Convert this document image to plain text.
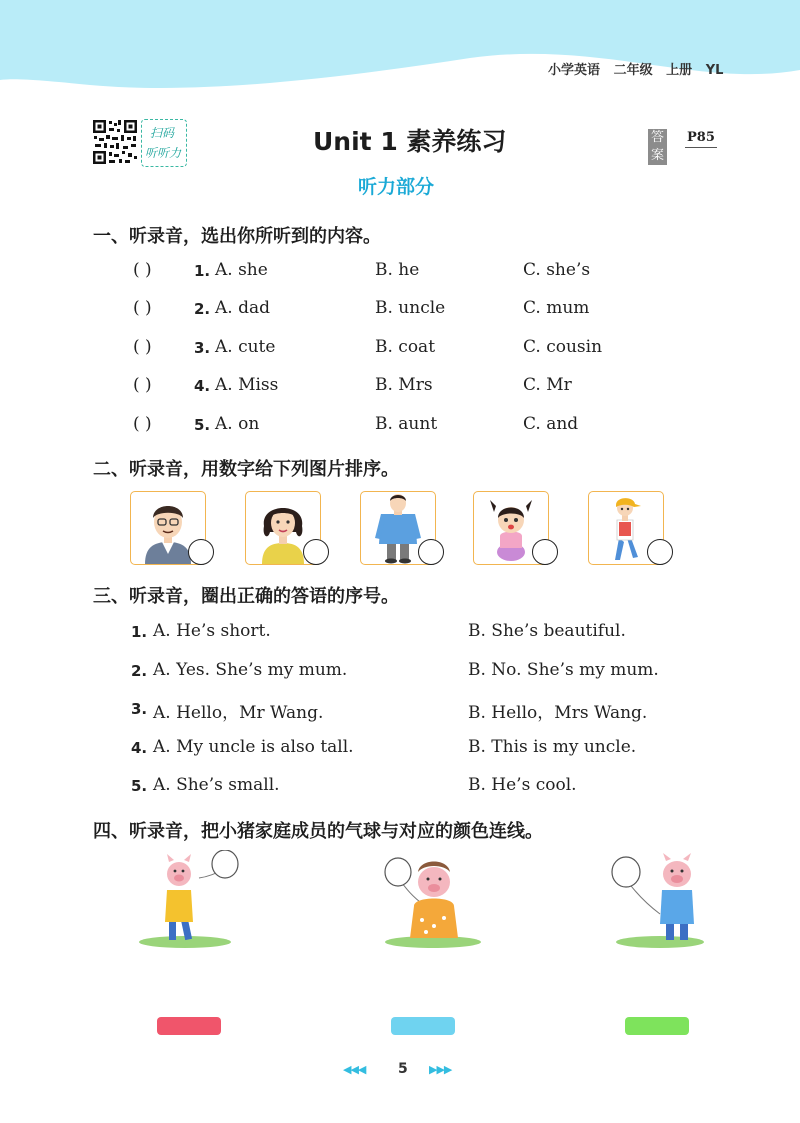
小学英语   二年级   上册   YL
扫码
听听力	Unit 1 素养练习	答案
P85
听力部分
一、听录音，选出你所听到的内容。
( )	1. A. she	B. he	C. she’s
( )	2. A. dad	B. uncle	C. mum
( )	3. A. cute	B. coat	C. cousin
( )	4. A. Miss	B. Mrs	C. Mr
( )	5. A. on	B. aunt	C. and
二、听录音，用数字给下列图片排序。
三、听录音，圈出正确的答语的序号。
1. A. He’s short.	B. She’s beautiful.
2. A. Yes. She’s my mum.	B. No. She’s my mum.
3. A. Hello，Mr Wang.	B. Hello，Mrs Wang.
4. A. My uncle is also tall.	B. This is my uncle.
5. A. She’s small.	B. He’s cool.
四、听录音，把小猪家庭成员的气球与对应的颜色连线。
◀◀◀ 5 ▶▶▶
